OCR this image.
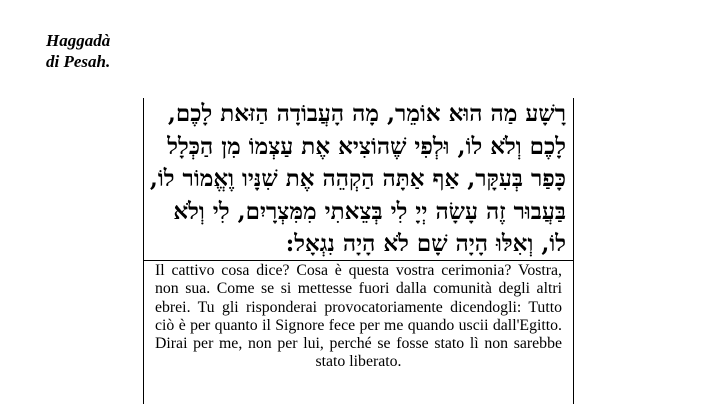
Haggadà
di Pesah.
רָשָׁע מַה הוּא אוֹמֵר, מָה הָעֲבוֹדָה הַזּאת לָכֶם,
לָכֶם וְלֹא לוֹ, וּלְפִי שֶׁהוֹצִיא אֶת עַצְמוֹ מִן הַכְּלָל
כָּפַר בְּעִקָּר, אַף אַתָּה הַקְהֵה אֶת שִׁנָּיו וֶאֱמוֹר לוֹ,
בַּעֲבוּר זֶה עָשָׂה יְיָ לִי בְּצֵאתִי מִמִּצְרָיִם, לִי וְלֹא
לוֹ, וְאִלּוּ הָיָה שָׁם לֹא הָיָה נִגְאָל:

Il cattivo cosa dice? Cosa è questa vostra cerimonia? Vostra, non sua. Come se si mettesse fuori dalla comunità degli altri ebrei. Tu gli risponderai provocatoriamente dicendogli: Tutto ciò è per quanto il Signore fece per me quando uscii dall'Egitto. Dirai per me, non per lui, perché se fosse stato lì non sarebbe stato liberato.
